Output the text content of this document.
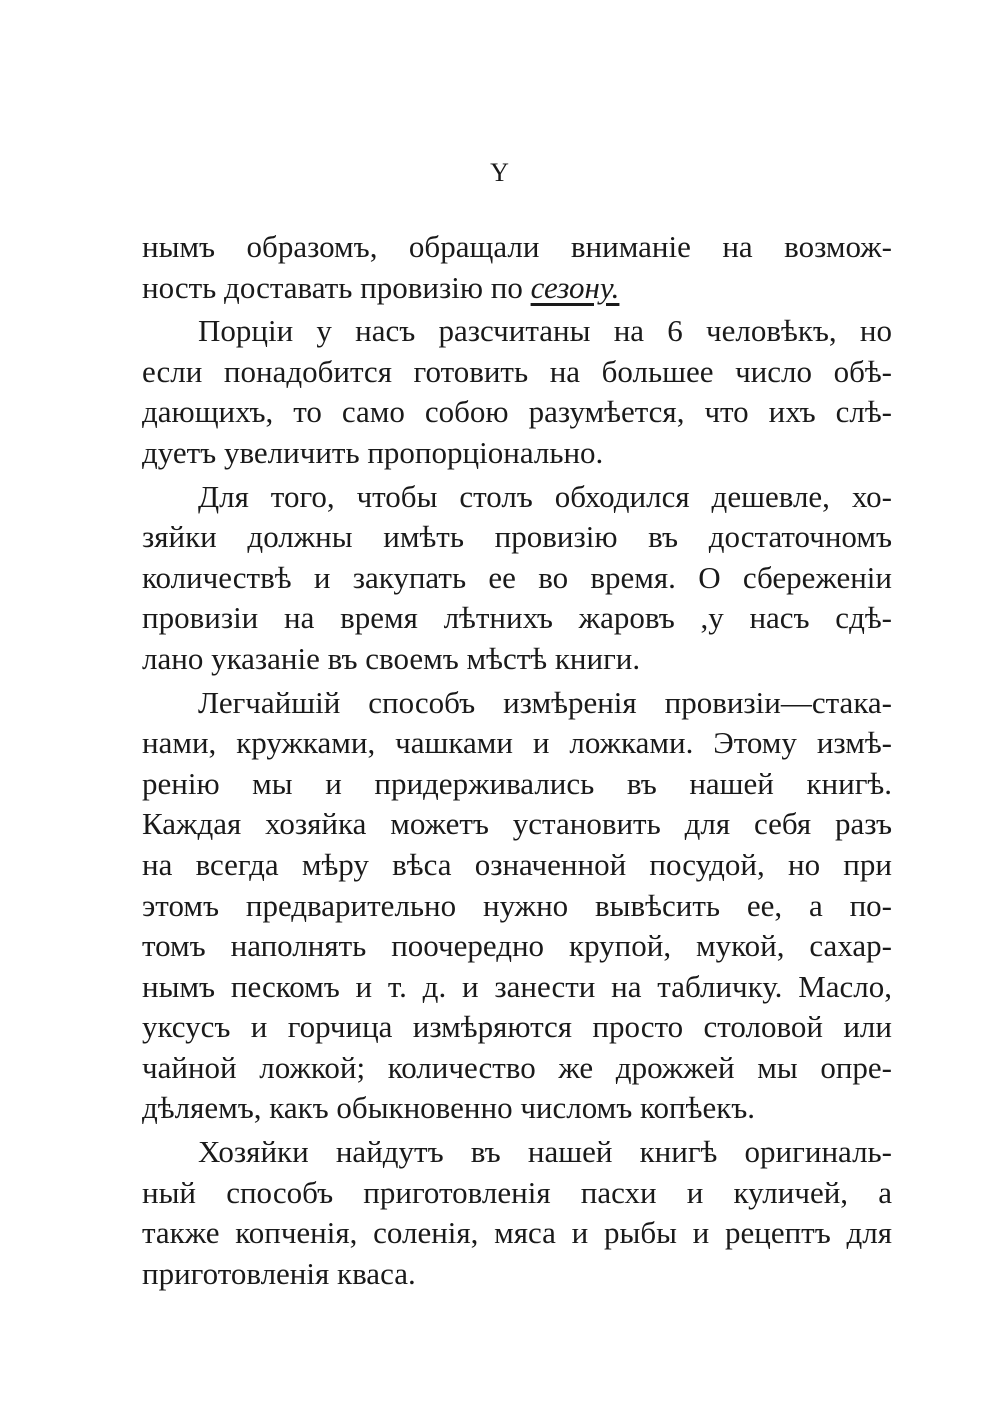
Y
нымъ образомъ, обращали вниманіе на возмож-
ность доставать провизію по сезону.
Порціи у насъ разсчитаны на 6 человѣкъ, но
если понадобится готовить на большее число обѣ-
дающихъ, то само собою разумѣется, что ихъ слѣ-
дуетъ увеличить пропорціонально.
Для того, чтобы столъ обходился дешевле, хо-
зяйки должны имѣть провизію въ достаточномъ
количествѣ и закупать ее во время. О сбереженіи
провизіи на время лѣтнихъ жаровъ ,у насъ сдѣ-
лано указаніе въ своемъ мѣстѣ книги.
Легчайшій способъ измѣренія провизіи—стака-
нами, кружками, чашками и ложками. Этому измѣ-
ренію мы и придерживались въ нашей книгѣ.
Каждая хозяйка можетъ установить для себя разъ
на всегда мѣру вѣса означенной посудой, но при
этомъ предварительно нужно вывѣсить ее, а по-
томъ наполнять поочередно крупой, мукой, сахар-
нымъ пескомъ и т. д. и занести на табличку. Масло,
уксусъ и горчица измѣряются просто столовой или
чайной ложкой; количество же дрожжей мы опре-
дѣляемъ, какъ обыкновенно числомъ копѣекъ.
Хозяйки найдутъ въ нашей книгѣ оригиналь-
ный способъ приготовленія пасхи и куличей, а
также копченія, соленія, мяса и рыбы и рецептъ для
приготовленія кваса.
